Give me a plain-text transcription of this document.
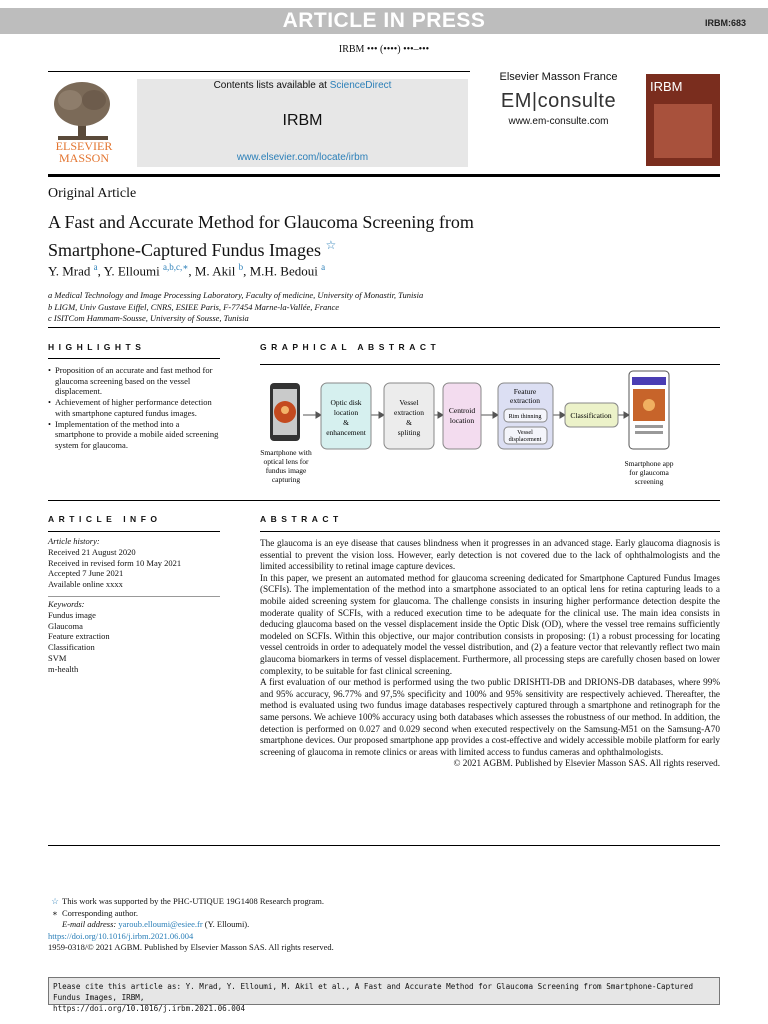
ARTICLE IN PRESS	IRBM:683
IRBM ••• (••••) •••–•••
ELSEVIER
MASSON
Contents lists available at ScienceDirect
IRBM
www.elsevier.com/locate/irbm
Elsevier Masson France
EM|consulte
www.em-consulte.com
IRBM
Original Article
A Fast and Accurate Method for Glaucoma Screening from
Smartphone-Captured Fundus Images ☆
Y. Mrad $^a$, Y. Elloumi $^{a,b,c,∗}$, M. Akil $^b$, M.H. Bedoui $^a$
a Medical Technology and Image Processing Laboratory, Faculty of medicine, University of Monastir, Tunisia
b LIGM, Univ Gustave Eiffel, CNRS, ESIEE Paris, F-77454 Marne-la-Vallée, France
c ISITCom Hammam-Sousse, University of Sousse, Tunisia
HIGHLIGHTS
• Proposition of an accurate and fast method for glaucoma screening based on the vessel displacement.
• Achievement of higher performance detection with smartphone captured fundus images.
• Implementation of the method into a smartphone to provide a mobile aided screening system for glaucoma.
GRAPHICAL ABSTRACT
Smartphone with
optical lens for
fundus image
capturing
Optic disk
location
&
enhancement
Vessel
extraction
&
spliting
Centroid
location
Feature
extraction
Rim thinning
Vessel
displacement
Classification
Smartphone app
for glaucoma
screening
ARTICLE INFO
Article history:
Received 21 August 2020
Received in revised form 10 May 2021
Accepted 7 June 2021
Available online xxxx
Keywords:
Fundus image
Glaucoma
Feature extraction
Classification
SVM
m-health
ABSTRACT

The glaucoma is an eye disease that causes blindness when it progresses in an advanced stage. Early glaucoma diagnosis is essential to prevent the vision loss. However, early detection is not covered due to the lack of ophthalmologists and the limited accessibility to retinal image capture devices.

In this paper, we present an automated method for glaucoma screening dedicated for Smartphone Captured Fundus Images (SCFIs). The implementation of the method into a smartphone associated to an optical lens for retina capturing leads to a mobile aided screening system for glaucoma. The challenge consists in insuring higher performance detection despite the moderate quality of SCFIs, with a reduced execution time to be adequate for the clinical use. The main idea consists in deducing glaucoma based on the vessel displacement inside the Optic Disk (OD), where the vessel tree remains sufficiently modeled on SCFIs. Within this objective, our major contribution consists in proposing: (1) a robust processing for locating vessel centroids in order to adequately model the vessel distribution, and (2) a feature vector that relevantly reflect two main glaucoma biomarkers in terms of vessel displacement. Furthermore, all processing steps are carefully chosen based on lower complexity, to be suitable for fast clinical screening.

A first evaluation of our method is performed using the two public DRISHTI-DB and DRIONS-DB databases, where 99% and 95% accuracy, 96.77% and 97,5% specificity and 100% and 95% sensitivity are respectively achieved. Thereafter, the method is evaluated using two fundus image databases respectively captured through a smartphone and retinograph for the same persons. We achieve 100% accuracy using both databases which assesses the robustness of our method. In addition, the detection is performed on 0.027 and 0.029 second when executed respectively on the Samsung-M51 on the Samsung-A70 smartphone devices. Our proposed smartphone app provides a cost-effective and widely accessible mobile platform for early screening of glaucoma in remote clinics or areas with limited access to fundus cameras and ophthalmologists.

© 2021 AGBM. Published by Elsevier Masson SAS. All rights reserved.

☆ This work was supported by the PHC-UTIQUE 19G1408 Research program.
∗ Corresponding author.
E-mail address: yaroub.elloumi@esiee.fr (Y. Elloumi).
https://doi.org/10.1016/j.irbm.2021.06.004
1959-0318/© 2021 AGBM. Published by Elsevier Masson SAS. All rights reserved.
Please cite this article as: Y. Mrad, Y. Elloumi, M. Akil et al., A Fast and Accurate Method for Glaucoma Screening from Smartphone-Captured Fundus Images, IRBM,
https://doi.org/10.1016/j.irbm.2021.06.004
